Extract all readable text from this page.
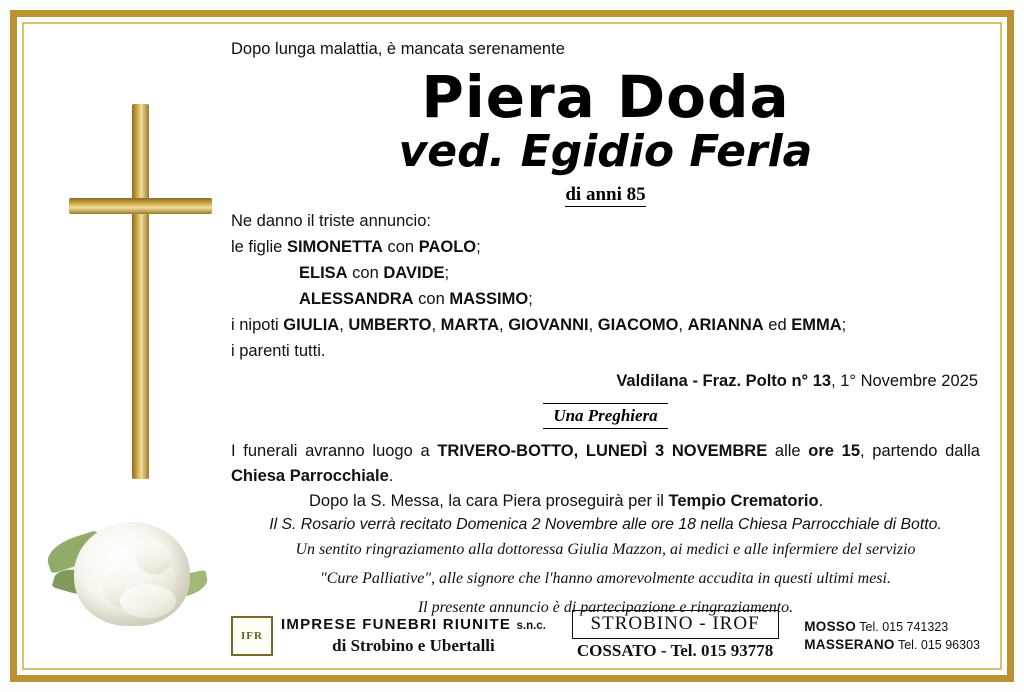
Dopo lunga malattia, è mancata serenamente

Piera Doda
ved. Egidio Ferla
di anni 85
Ne danno il triste annuncio:
le figlie SIMONETTA con PAOLO;
ELISA con DAVIDE;
ALESSANDRA con MASSIMO;
i nipoti GIULIA, UMBERTO, MARTA, GIOVANNI, GIACOMO, ARIANNA ed EMMA;
i parenti tutti.
Valdilana - Fraz. Polto n° 13, 1° Novembre 2025
Una Preghiera
I funerali avranno luogo a TRIVERO-BOTTO, LUNEDÌ 3 NOVEMBRE alle ore 15, partendo dalla Chiesa Parrocchiale.
Dopo la S. Messa, la cara Piera proseguirà per il Tempio Crematorio.
Il S. Rosario verrà recitato Domenica 2 Novembre alle ore 18 nella Chiesa Parrocchiale di Botto.
Un sentito ringraziamento alla dottoressa Giulia Mazzon, ai medici e alle infermiere del servizio
"Cure Palliative", alle signore che l'hanno amorevolmente accudita in questi ultimi mesi.
Il presente annuncio è di partecipazione e ringraziamento.
IFR
IMPRESE FUNEBRI RIUNITE s.n.c.
di Strobino e Ubertalli
STROBINO - IROF
COSSATO - Tel. 015 93778
MOSSO Tel. 015 741323
MASSERANO Tel. 015 96303
